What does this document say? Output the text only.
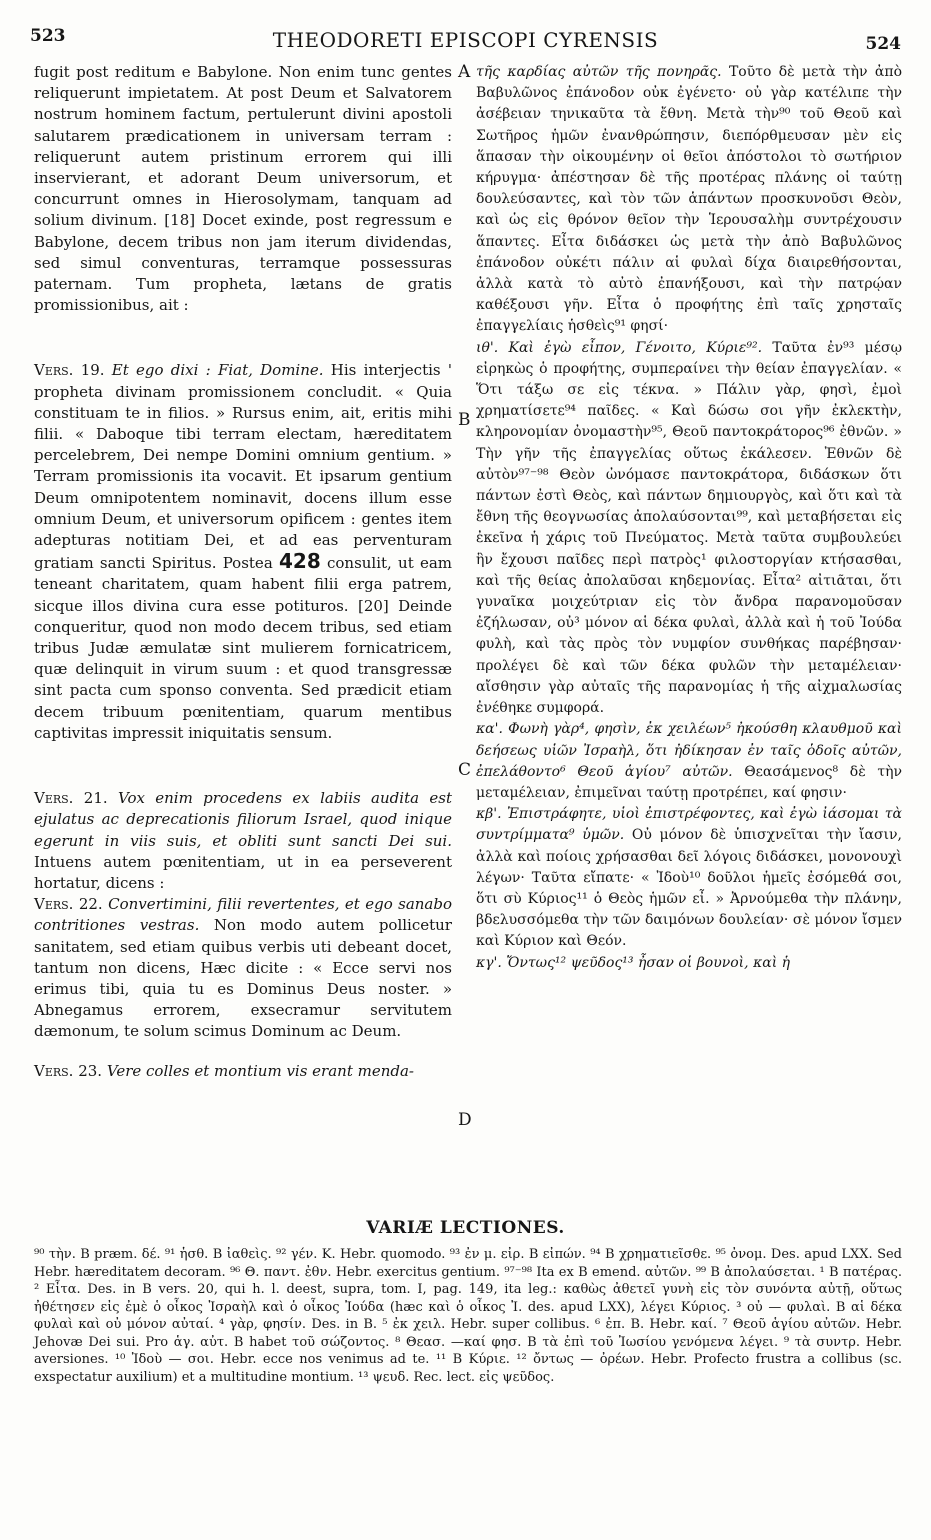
523	THEODORETI EPISCOPI CYRENSIS	524

fugit post reditum e Babylone. Non enim tunc gentes reliquerunt impietatem. At post Deum et Salvatorem nostrum hominem factum, pertulerunt divini apostoli salutarem prædicationem in universam terram : reliquerunt autem pristinum errorem qui illi inservierant, et adorant Deum universorum, et concurrunt omnes in Hierosolymam, tanquam ad solium divinum. [18] Docet exinde, post regressum e Babylone, decem tribus non jam iterum dividendas, sed simul conventuras, terramque possessuras paternam. Tum propheta, lætans de gratis promissionibus, ait :

Vers. 19. Et ego dixi : Fiat, Domine. His interjectis ' propheta divinam promissionem concludit. « Quia constituam te in filios. » Rursus enim, ait, eritis mihi filii. « Daboque tibi terram electam, hæreditatem percelebrem, Dei nempe Domini omnium gentium. » Terram promissionis ita vocavit. Et ipsarum gentium Deum omnipotentem nominavit, docens illum esse omnium Deum, et universorum opificem : gentes item adepturas notitiam Dei, et ad eas perventuram gratiam sancti Spiritus. Postea 428 consulit, ut eam teneant charitatem, quam habent filii erga patrem, sicque illos divina cura esse potituros. [20] Deinde conqueritur, quod non modo decem tribus, sed etiam tribus Judæ æmulatæ sint mulierem fornicatricem, quæ delinquit in virum suum : et quod transgressæ sint pacta cum sponso conventa. Sed prædicit etiam decem tribuum pœnitentiam, quarum mentibus captivitas impressit iniquitatis sensum.

Vers. 21. Vox enim procedens ex labiis audita est ejulatus ac deprecationis filiorum Israel, quod inique egerunt in viis suis, et obliti sunt sancti Dei sui. Intuens autem pœnitentiam, ut in ea perseverent hortatur, dicens :

Vers. 22. Convertimini, filii revertentes, et ego sanabo contritiones vestras. Non modo autem pollicetur sanitatem, sed etiam quibus verbis uti debeant docet, tantum non dicens, Hæc dicite : « Ecce servi nos erimus tibi, quia tu es Dominus Deus noster. » Abnegamus errorem, exsecramur servitutem dæmonum, te solum scimus Dominum ac Deum.

Vers. 23. Vere colles et montium vis erant menda-

A
B
C
D

τῆς καρδίας αὐτῶν τῆς πονηρᾶς. Τοῦτο δὲ μετὰ τὴν ἀπὸ Βαβυλῶνος ἐπάνοδον οὐκ ἐγένετο· οὐ γὰρ κατέλιπε τὴν ἀσέβειαν τηνικαῦτα τὰ ἔθνη. Μετὰ τὴν⁹⁰ τοῦ Θεοῦ καὶ Σωτῆρος ἡμῶν ἐνανθρώπησιν, διεπόρθμευσαν μὲν εἰς ἅπασαν τὴν οἰκουμένην οἱ θεῖοι ἀπόστολοι τὸ σωτήριον κήρυγμα· ἀπέστησαν δὲ τῆς προτέρας πλάνης οἱ ταύτῃ δουλεύσαντες, καὶ τὸν τῶν ἁπάντων προσκυνοῦσι Θεὸν, καὶ ὡς εἰς θρόνον θεῖον τὴν Ἱερουσαλὴμ συντρέχουσιν ἅπαντες. Εἶτα διδάσκει ὡς μετὰ τὴν ἀπὸ Βαβυλῶνος ἐπάνοδον οὐκέτι πάλιν αἱ φυλαὶ δίχα διαιρεθήσονται, ἀλλὰ κατὰ τὸ αὐτὸ ἐπανήξουσι, καὶ τὴν πατρῴαν καθέξουσι γῆν. Εἶτα ὁ προφήτης ἐπὶ ταῖς χρησταῖς ἐπαγγελίαις ἡσθεὶς⁹¹ φησί·

ιθ'. Καὶ ἐγὼ εἶπον, Γένοιτο, Κύριε⁹². Ταῦτα ἐν⁹³ μέσῳ εἰρηκὼς ὁ προφήτης, συμπεραίνει τὴν θείαν ἐπαγγελίαν. « Ὅτι τάξω σε εἰς τέκνα. » Πάλιν γὰρ, φησὶ, ἐμοὶ χρηματίσετε⁹⁴ παῖδες. « Καὶ δώσω σοι γῆν ἐκλεκτὴν, κληρονομίαν ὀνομαστὴν⁹⁵, Θεοῦ παντοκράτορος⁹⁶ ἐθνῶν. » Τὴν γῆν τῆς ἐπαγγελίας οὕτως ἐκάλεσεν. Ἐθνῶν δὲ αὐτὸν⁹⁷⁻⁹⁸ Θεὸν ὠνόμασε παντοκράτορα, διδάσκων ὅτι πάντων ἐστὶ Θεὸς, καὶ πάντων δημιουργὸς, καὶ ὅτι καὶ τὰ ἔθνη τῆς θεογνωσίας ἀπολαύσονται⁹⁹, καὶ μεταβήσεται εἰς ἐκεῖνα ἡ χάρις τοῦ Πνεύματος. Μετὰ ταῦτα συμβουλεύει ἣν ἔχουσι παῖδες περὶ πατρὸς¹ φιλοστοργίαν κτήσασθαι, καὶ τῆς θείας ἀπολαῦσαι κηδεμονίας. Εἶτα² αἰτιᾶται, ὅτι γυναῖκα μοιχεύτριαν εἰς τὸν ἄνδρα παρανομοῦσαν ἐζήλωσαν, οὐ³ μόνον αἱ δέκα φυλαὶ, ἀλλὰ καὶ ἡ τοῦ Ἰούδα φυλὴ, καὶ τὰς πρὸς τὸν νυμφίον συνθήκας παρέβησαν· προλέγει δὲ καὶ τῶν δέκα φυλῶν τὴν μεταμέλειαν· αἴσθησιν γὰρ αὐταῖς τῆς παρανομίας ἡ τῆς αἰχμαλωσίας ἐνέθηκε συμφορά.

κα'. Φωνὴ γὰρ⁴, φησὶν, ἐκ χειλέων⁵ ἠκούσθη κλαυθμοῦ καὶ δεήσεως υἱῶν Ἰσραὴλ, ὅτι ἠδίκησαν ἐν ταῖς ὁδοῖς αὐτῶν, ἐπελάθοντο⁶ Θεοῦ ἁγίου⁷ αὐτῶν. Θεασάμενος⁸ δὲ τὴν μεταμέλειαν, ἐπιμεῖναι ταύτῃ προτρέπει, καί φησιν·

κβ'. Ἐπιστράφητε, υἱοὶ ἐπιστρέφοντες, καὶ ἐγὼ ἰάσομαι τὰ συντρίμματα⁹ ὑμῶν. Οὐ μόνον δὲ ὑπισχνεῖται τὴν ἴασιν, ἀλλὰ καὶ ποίοις χρήσασθαι δεῖ λόγοις διδάσκει, μονονουχὶ λέγων· Ταῦτα εἴπατε· « Ἰδοὺ¹⁰ δοῦλοι ἡμεῖς ἐσόμεθά σοι, ὅτι σὺ Κύριος¹¹ ὁ Θεὸς ἡμῶν εἶ. » Ἀρνούμεθα τὴν πλάνην, βδελυσσόμεθα τὴν τῶν δαιμόνων δουλείαν· σὲ μόνον ἴσμεν καὶ Κύριον καὶ Θεόν.

κγ'. Ὄντως¹² ψεῦδος¹³ ἦσαν οἱ βουνοὶ, καὶ ἡ

VARIÆ LECTIONES.

⁹⁰ τὴν. B præm. δέ. ⁹¹ ἡσθ. B ἰαθεὶς. ⁹² γέν. K. Hebr. quomodo. ⁹³ ἐν μ. εἰρ. B εἰπών. ⁹⁴ B χρηματιεῖσθε. ⁹⁵ ὀνομ. Des. apud LXX. Sed Hebr. hæreditatem decoram. ⁹⁶ Θ. παντ. ἐθν. Hebr. exercitus gentium. ⁹⁷⁻⁹⁸ Ita ex B emend. αὐτῶν. ⁹⁹ B ἀπολαύσεται. ¹ B πατέρας. ² Εἶτα. Des. in B vers. 20, qui h. l. deest, supra, tom. I, pag. 149, ita leg.: καθὼς ἀθετεῖ γυνὴ εἰς τὸν συνόντα αὐτῇ, οὕτως ἠθέτησεν εἰς ἐμὲ ὁ οἶκος Ἰσραὴλ καὶ ὁ οἶκος Ἰούδα (hæc καὶ ὁ οἶκος Ἰ. des. apud LXX), λέγει Κύριος. ³ οὐ — φυλαὶ. B αἱ δέκα φυλαὶ καὶ οὐ μόνον αὐταί. ⁴ γὰρ, φησίν. Des. in B. ⁵ ἐκ χειλ. Hebr. super collibus. ⁶ ἐπ. B. Hebr. καί. ⁷ Θεοῦ ἁγίου αὐτῶν. Hebr. Jehovæ Dei sui. Pro ἁγ. αὐτ. B habet τοῦ σώζοντος. ⁸ Θεασ. —καί φησ. B τὰ ἐπὶ τοῦ Ἰωσίου γενόμενα λέγει. ⁹ τὰ συντρ. Hebr. aversiones. ¹⁰ Ἰδοὺ — σοι. Hebr. ecce nos venimus ad te. ¹¹ B Κύριε. ¹² ὄντως — ὀρέων. Hebr. Profecto frustra a collibus (sc. exspectatur auxilium) et a multitudine montium. ¹³ ψευδ. Rec. lect. εἰς ψεῦδος.
